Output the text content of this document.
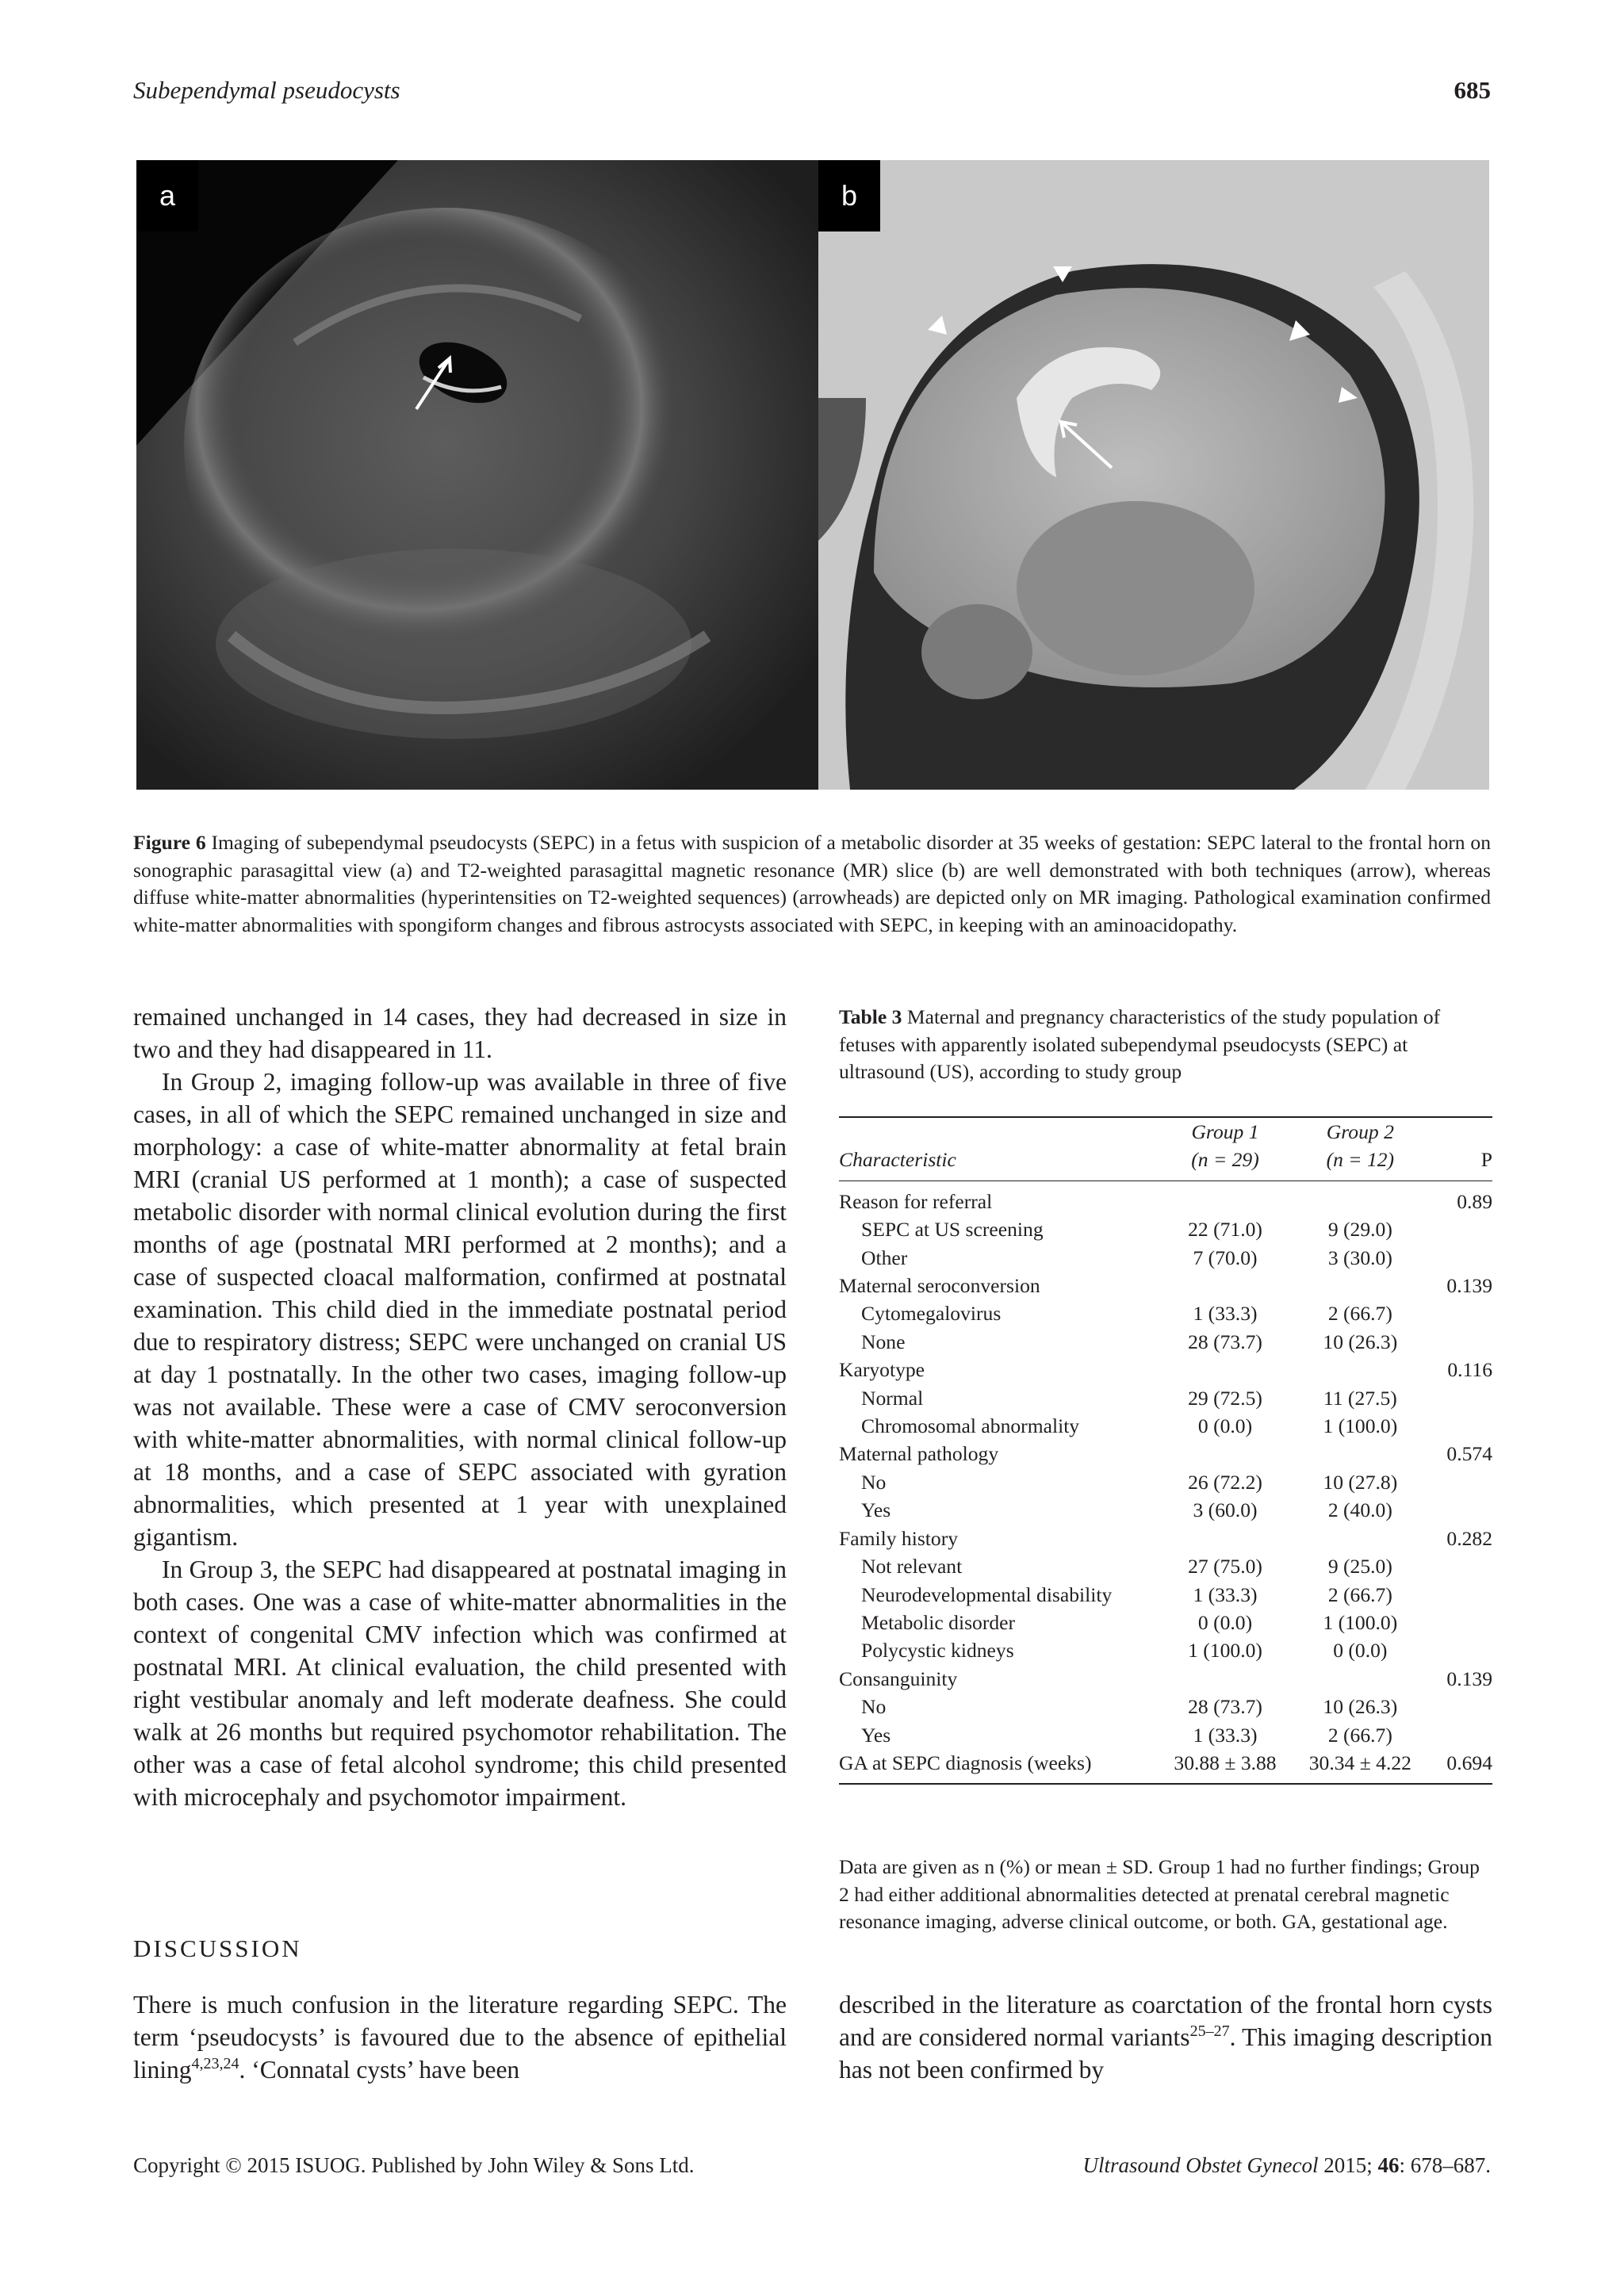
Subependymal pseudocysts	685
a	b
Figure 6 Imaging of subependymal pseudocysts (SEPC) in a fetus with suspicion of a metabolic disorder at 35 weeks of gestation: SEPC lateral to the frontal horn on sonographic parasagittal view (a) and T2-weighted parasagittal magnetic resonance (MR) slice (b) are well demonstrated with both techniques (arrow), whereas diffuse white-matter abnormalities (hyperintensities on T2-weighted sequences) (arrowheads) are depicted only on MR imaging. Pathological examination confirmed white-matter abnormalities with spongiform changes and fibrous astrocysts associated with SEPC, in keeping with an aminoacidopathy.

remained unchanged in 14 cases, they had decreased in size in two and they had disappeared in 11.

In Group 2, imaging follow-up was available in three of five cases, in all of which the SEPC remained unchanged in size and morphology: a case of white-matter abnormality at fetal brain MRI (cranial US performed at 1 month); a case of suspected metabolic disorder with normal clinical evolution during the first months of age (postnatal MRI performed at 2 months); and a case of suspected cloacal malformation, confirmed at postnatal examination. This child died in the immediate postnatal period due to respiratory distress; SEPC were unchanged on cranial US at day 1 postnatally. In the other two cases, imaging follow-up was not available. These were a case of CMV seroconversion with white-matter abnormalities, with normal clinical follow-up at 18 months, and a case of SEPC associated with gyration abnormalities, which presented at 1 year with unexplained gigantism.

In Group 3, the SEPC had disappeared at postnatal imaging in both cases. One was a case of white-matter abnormalities in the context of congenital CMV infection which was confirmed at postnatal MRI. At clinical evaluation, the child presented with right vestibular anomaly and left moderate deafness. She could walk at 26 months but required psychomotor rehabilitation. The other was a case of fetal alcohol syndrome; this child presented with microcephaly and psychomotor impairment.

DISCUSSION
There is much confusion in the literature regarding SEPC. The term ‘pseudocysts’ is favoured due to the absence of epithelial lining$^{4,23,24}$. ‘Connatal cysts’ have been
described in the literature as coarctation of the frontal horn cysts and are considered normal variants$^{25-27}$. This imaging description has not been confirmed by
Table 3 Maternal and pregnancy characteristics of the study population of fetuses with apparently isolated subependymal pseudocysts (SEPC) at ultrasound (US), according to study group
	Group 1	Group 2	
Characteristic	(n = 29)	(n = 12)	P
Reason for referral			0.89

SEPC at US screening	22 (71.0)	9 (29.0)	

Other	7 (70.0)	3 (30.0)	
Maternal seroconversion			0.139

Cytomegalovirus	1 (33.3)	2 (66.7)	

None	28 (73.7)	10 (26.3)	
Karyotype			0.116

Normal	29 (72.5)	11 (27.5)	

Chromosomal abnormality	0 (0.0)	1 (100.0)	
Maternal pathology			0.574

No	26 (72.2)	10 (27.8)	

Yes	3 (60.0)	2 (40.0)	
Family history			0.282

Not relevant	27 (75.0)	9 (25.0)	

Neurodevelopmental disability	1 (33.3)	2 (66.7)	

Metabolic disorder	0 (0.0)	1 (100.0)	

Polycystic kidneys	1 (100.0)	0 (0.0)	
Consanguinity			0.139

No	28 (73.7)	10 (26.3)	

Yes	1 (33.3)	2 (66.7)	
GA at SEPC diagnosis (weeks)	30.88 ± 3.88	30.34 ± 4.22	0.694
Data are given as n (%) or mean ± SD. Group 1 had no further findings; Group 2 had either additional abnormalities detected at prenatal cerebral magnetic resonance imaging, adverse clinical outcome, or both. GA, gestational age.
Copyright © 2015 ISUOG. Published by John Wiley & Sons Ltd.	Ultrasound Obstet Gynecol 2015; 46: 678–687.
